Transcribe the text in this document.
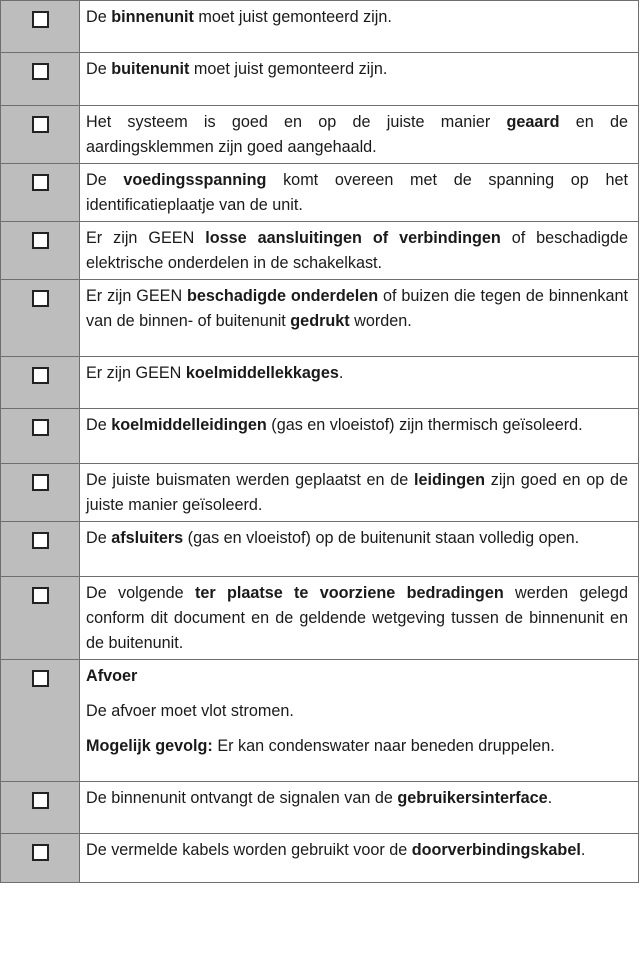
	De binnenunit moet juist gemonteerd zijn.

	De buitenunit moet juist gemonteerd zijn.

	Het systeem is goed en op de juiste manier geaard en de aardingsklemmen zijn goed aangehaald.

	De voedingsspanning komt overeen met de spanning op het identificatieplaatje van de unit.

	Er zijn GEEN losse aansluitingen of verbindingen of beschadigde elektrische onderdelen in de schakelkast.

	Er zijn GEEN beschadigde onderdelen of buizen die tegen de binnenkant van de binnen- of buitenunit gedrukt worden.

	Er zijn GEEN koelmiddellekkages.

	De koelmiddelleidingen (gas en vloeistof) zijn thermisch geïsoleerd.

	De juiste buismaten werden geplaatst en de leidingen zijn goed en op de juiste manier geïsoleerd.

	De afsluiters (gas en vloeistof) op de buitenunit staan volledig open.

	De volgende ter plaatse te voorziene bedradingen werden gelegd conform dit document en de geldende wetgeving tussen de binnenunit en de buitenunit.

	Afvoer

De afvoer moet vlot stromen.

Mogelijk gevolg: Er kan condenswater naar beneden druppelen.

	De binnenunit ontvangt de signalen van de gebruikersinterface.

	De vermelde kabels worden gebruikt voor de doorverbindingskabel.
